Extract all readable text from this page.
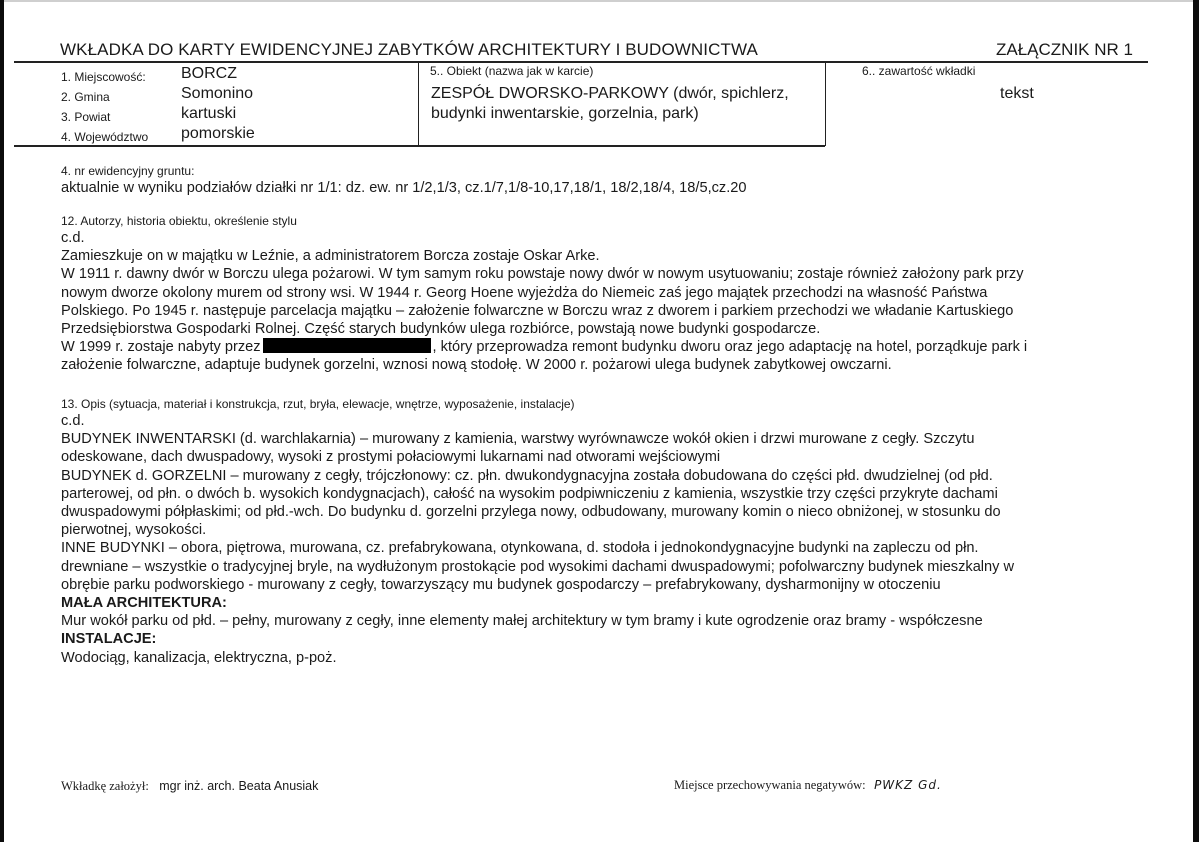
WKŁADKA DO KARTY EWIDENCYJNEJ ZABYTKÓW ARCHITEKTURY I BUDOWNICTWA	ZAŁĄCZNIK NR 1
1. Miejscowość: BORCZ
2. Gmina	Somonino
3. Powiat	kartuski
4. Województwo pomorskie
5.. Obiekt (nazwa jak w karcie)
ZESPÓŁ DWORSKO-PARKOWY (dwór, spichlerz,
budynki inwentarskie, gorzelnia, park)
6.. zawartość wkładki
tekst
4. nr ewidencyjny gruntu:
aktualnie w wyniku podziałów działki nr 1/1: dz. ew. nr 1/2,1/3, cz.1/7,1/8-10,17,18/1, 18/2,18/4, 18/5,cz.20
12. Autorzy, historia obiektu, określenie stylu
c.d.
Zamieszkuje on w majątku w Leźnie, a administratorem Borcza zostaje Oskar Arke.
W 1911 r. dawny dwór w Borczu ulega pożarowi. W tym samym roku powstaje nowy dwór w nowym usytuowaniu; zostaje również założony park przy
nowym dworze okolony murem od strony wsi. W 1944 r. Georg Hoene wyjeżdża do Niemeic zaś jego majątek przechodzi na własność Państwa
Polskiego. Po 1945 r. następuje parcelacja majątku – założenie folwarczne w Borczu wraz z dworem i parkiem przechodzi we władanie Kartuskiego
Przedsiębiorstwa Gospodarki Rolnej. Część starych budynków ulega rozbiórce, powstają nowe budynki gospodarcze.
W 1999 r. zostaje nabyty przez	, który przeprowadza remont budynku dworu oraz jego adaptację na hotel, porządkuje park i
założenie folwarczne, adaptuje budynek gorzelni, wznosi nową stodołę. W 2000 r. pożarowi ulega budynek zabytkowej owczarni.
13. Opis (sytuacja, materiał i konstrukcja, rzut, bryła, elewacje, wnętrze, wyposażenie, instalacje)
c.d.
BUDYNEK INWENTARSKI (d. warchlakarnia) – murowany z kamienia, warstwy wyrównawcze wokół okien i drzwi murowane z cegły. Szczytu
odeskowane, dach dwuspadowy, wysoki z prostymi połaciowymi lukarnami nad otworami wejściowymi
BUDYNEK d. GORZELNI – murowany z cegły, trójczłonowy: cz. płn. dwukondygnacyjna została dobudowana do części płd. dwudzielnej (od płd.
parterowej, od płn. o dwóch b. wysokich kondygnacjach), całość na wysokim podpiwniczeniu z kamienia, wszystkie trzy części przykryte dachami
dwuspadowymi półpłaskimi; od płd.-wch. Do budynku d. gorzelni przylega nowy, odbudowany, murowany komin o nieco obniżonej, w stosunku do
pierwotnej, wysokości.
INNE BUDYNKI – obora, piętrowa, murowana, cz. prefabrykowana, otynkowana, d. stodoła i jednokondygnacyjne budynki na zapleczu od płn.
drewniane – wszystkie o tradycyjnej bryle, na wydłużonym prostokącie pod wysokimi dachami dwuspadowymi; pofolwarczny budynek mieszkalny w
obrębie parku podworskiego - murowany z cegły, towarzyszący mu budynek gospodarczy – prefabrykowany, dysharmonijny w otoczeniu
MAŁA ARCHITEKTURA:
Mur wokół parku od płd. – pełny, murowany z cegły, inne elementy małej architektury w tym bramy i kute ogrodzenie oraz bramy - współczesne
INSTALACJE:
Wodociąg, kanalizacja, elektryczna, p-poż.
Wkładkę założył: mgr inż. arch. Beata Anusiak	Miejsce przechowywania negatywów: PWKZ Gd.
